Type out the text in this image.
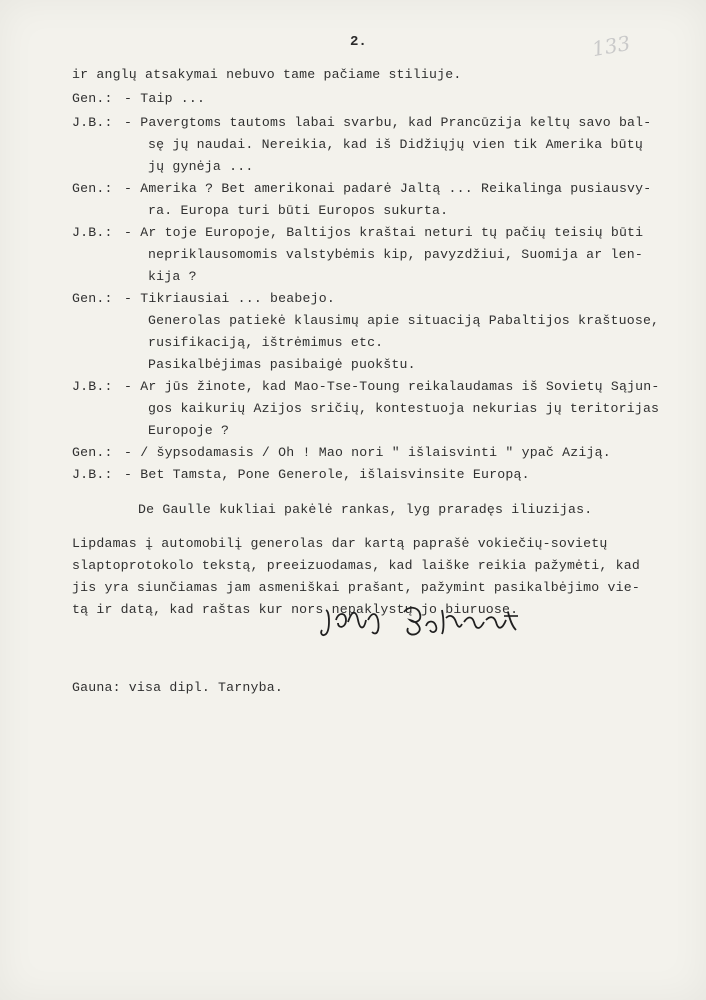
2.	133
ir anglų atsakymai nebuvo tame pačiame stiliuje.
Gen.: - Taip ...
J.B.: - Pavergtoms tautoms labai svarbu, kad Prancūzija keltų savo bal-
sę jų naudai. Nereikia, kad iš Didžiųjų vien tik Amerika būtų
jų gynėja ...
Gen.: - Amerika ? Bet amerikonai padarė Jaltą ... Reikalinga pusiausvy-
ra. Europa turi būti Europos sukurta.
J.B.: - Ar toje Europoje, Baltijos kraštai neturi tų pačių teisių būti
nepriklausomomis valstybėmis kip, pavyzdžiui, Suomija ar len-
kija ?
Gen.: - Tikriausiai ... beabejo.
Generolas patiekė klausimų apie situaciją Pabaltijos kraštuose,
rusifikaciją, ištrėmimus etc.
Pasikalbėjimas pasibaigė puokštu.
J.B.: - Ar jūs žinote, kad Mao-Tse-Toung reikalaudamas iš Sovietų Sąjun-
gos kaikurių Azijos sričių, kontestuoja nekurias jų teritorijas
Europoje ?
Gen.: - / šypsodamasis / Oh ! Mao nori " išlaisvinti " ypač Aziją.
J.B.: - Bet Tamsta, Pone Generole, išlaisvinsite Europą.
De Gaulle kukliai pakėlė rankas, lyg praradęs iliuzijas.
Lipdamas į automobilį generolas dar kartą paprašė vokiečių-sovietų
slaptoprotokolo tekstą, preeizuodamas, kad laiške reikia pažymėti, kad
jis yra siunčiamas jam asmeniškai prašant, pažymint pasikalbėjimo vie-
tą ir datą, kad raštas kur nors nepaklystų jo biuruose.
Gauna: visa dipl. Tarnyba.
